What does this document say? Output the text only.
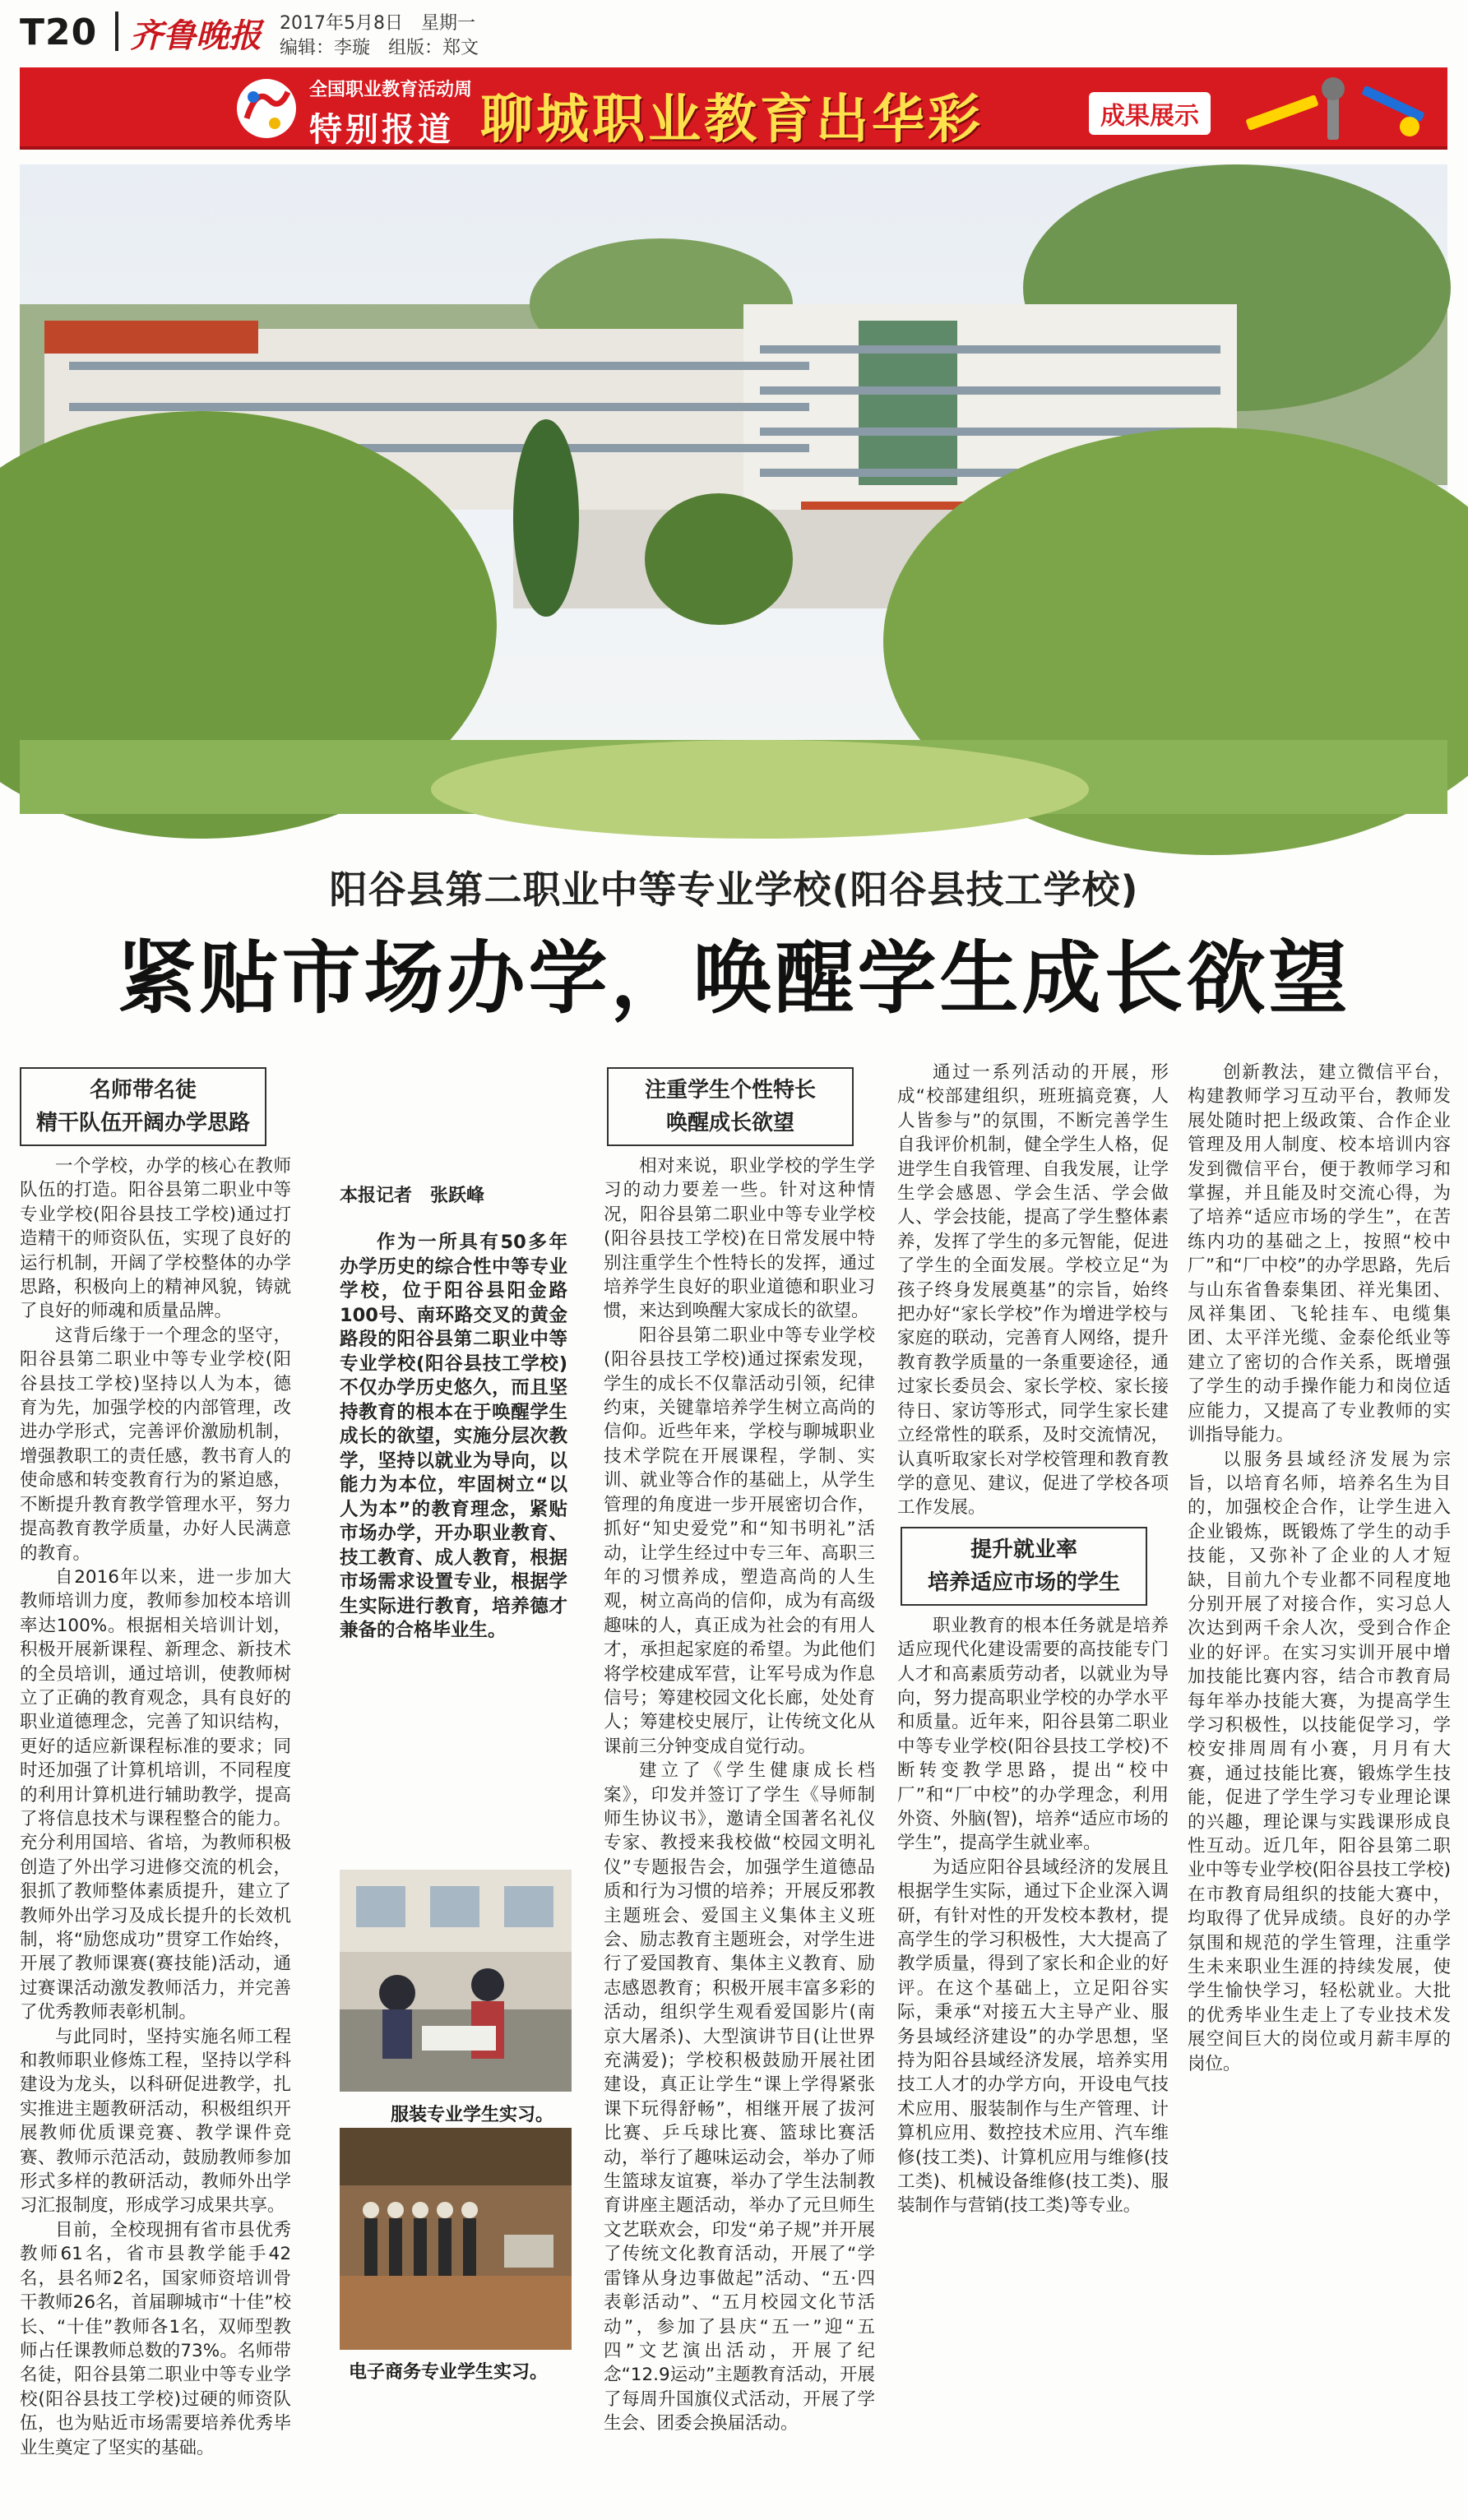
T20 齐鲁晚报 2017年5月8日　星期一
编辑：李璇　组版：郑文
全国职业教育活动周
特别报道 聊城职业教育出华彩	成果展示
阳谷县第二职业中等专业学校(阳谷县技工学校)
紧贴市场办学，唤醒学生成长欲望
名师带名徒
精干队伍开阔办学思路

一个学校，办学的核心在教师队伍的打造。阳谷县第二职业中等专业学校(阳谷县技工学校)通过打造精干的师资队伍，实现了良好的运行机制，开阔了学校整体的办学思路，积极向上的精神风貌，铸就了良好的师魂和质量品牌。

这背后缘于一个理念的坚守，阳谷县第二职业中等专业学校(阳谷县技工学校)坚持以人为本，德育为先，加强学校的内部管理，改进办学形式，完善评价激励机制，增强教职工的责任感，教书育人的使命感和转变教育行为的紧迫感，不断提升教育教学管理水平，努力提高教育教学质量，办好人民满意的教育。

自2016年以来，进一步加大教师培训力度，教师参加校本培训率达100%。根据相关培训计划，积极开展新课程、新理念、新技术的全员培训，通过培训，使教师树立了正确的教育观念，具有良好的职业道德理念，完善了知识结构，更好的适应新课程标准的要求；同时还加强了计算机培训，不同程度的利用计算机进行辅助教学，提高了将信息技术与课程整合的能力。充分利用国培、省培，为教师积极创造了外出学习进修交流的机会，狠抓了教师整体素质提升，建立了教师外出学习及成长提升的长效机制，将“励您成功”贯穿工作始终，开展了教师课赛(赛技能)活动，通过赛课活动激发教师活力，并完善了优秀教师表彰机制。

与此同时，坚持实施名师工程和教师职业修炼工程，坚持以学科建设为龙头，以科研促进教学，扎实推进主题教研活动，积极组织开展教师优质课竞赛、教学课件竞赛、教师示范活动，鼓励教师参加形式多样的教研活动，教师外出学习汇报制度，形成学习成果共享。

目前，全校现拥有省市县优秀教师61名，省市县教学能手42名，县名师2名，国家师资培训骨干教师26名，首届聊城市“十佳”校长、“十佳”教师各1名，双师型教师占任课教师总数的73%。名师带名徒，阳谷县第二职业中等专业学校(阳谷县技工学校)过硬的师资队伍，也为贴近市场需要培养优秀毕业生奠定了坚实的基础。

本报记者　张跃峰
作为一所具有50多年办学历史的综合性中等专业学校，位于阳谷县阳金路100号、南环路交叉的黄金路段的阳谷县第二职业中等专业学校(阳谷县技工学校)不仅办学历史悠久，而且坚持教育的根本在于唤醒学生成长的欲望，实施分层次教学，坚持以就业为导向，以能力为本位，牢固树立“以人为本”的教育理念，紧贴市场办学，开办职业教育、技工教育、成人教育，根据市场需求设置专业，根据学生实际进行教育，培养德才兼备的合格毕业生。
服装专业学生实习。
电子商务专业学生实习。
注重学生个性特长
唤醒成长欲望

相对来说，职业学校的学生学习的动力要差一些。针对这种情况，阳谷县第二职业中等专业学校(阳谷县技工学校)在日常发展中特别注重学生个性特长的发挥，通过培养学生良好的职业道德和职业习惯，来达到唤醒大家成长的欲望。

阳谷县第二职业中等专业学校(阳谷县技工学校)通过探索发现，学生的成长不仅靠活动引领，纪律约束，关键靠培养学生树立高尚的信仰。近些年来，学校与聊城职业技术学院在开展课程，学制、实训、就业等合作的基础上，从学生管理的角度进一步开展密切合作，抓好“知史爱党”和“知书明礼”活动，让学生经过中专三年、高职三年的习惯养成，塑造高尚的人生观，树立高尚的信仰，成为有高级趣味的人，真正成为社会的有用人才，承担起家庭的希望。为此他们将学校建成军营，让军号成为作息信号；筹建校园文化长廊，处处育人；筹建校史展厅，让传统文化从课前三分钟变成自觉行动。

建立了《学生健康成长档案》，印发并签订了学生《导师制师生协议书》，邀请全国著名礼仪专家、教授来我校做“校园文明礼仪”专题报告会，加强学生道德品质和行为习惯的培养；开展反邪教主题班会、爱国主义集体主义班会、励志教育主题班会，对学生进行了爱国教育、集体主义教育、励志感恩教育；积极开展丰富多彩的活动，组织学生观看爱国影片(南京大屠杀)、大型演讲节目(让世界充满爱)；学校积极鼓励开展社团建设，真正让学生“课上学得紧张　课下玩得舒畅”，相继开展了拔河比赛、乒乓球比赛、篮球比赛活动，举行了趣味运动会，举办了师生篮球友谊赛，举办了学生法制教育讲座主题活动，举办了元旦师生文艺联欢会，印发“弟子规”并开展了传统文化教育活动，开展了“学雷锋从身边事做起”活动、“五·四表彰活动”、“五月校园文化节活动”，参加了县庆“五一”迎“五四”文艺演出活动，开展了纪念“12.9运动”主题教育活动，开展了每周升国旗仪式活动，开展了学生会、团委会换届活动。

通过一系列活动的开展，形成“校部建组织，班班搞竞赛，人人皆参与”的氛围，不断完善学生自我评价机制，健全学生人格，促进学生自我管理、自我发展，让学生学会感恩、学会生活、学会做人、学会技能，提高了学生整体素养，发挥了学生的多元智能，促进了学生的全面发展。学校立足“为孩子终身发展奠基”的宗旨，始终把办好“家长学校”作为增进学校与家庭的联动，完善育人网络，提升教育教学质量的一条重要途径，通过家长委员会、家长学校、家长接待日、家访等形式，同学生家长建立经常性的联系，及时交流情况，认真听取家长对学校管理和教育教学的意见、建议，促进了学校各项工作发展。

提升就业率
培养适应市场的学生

职业教育的根本任务就是培养适应现代化建设需要的高技能专门人才和高素质劳动者，以就业为导向，努力提高职业学校的办学水平和质量。近年来，阳谷县第二职业中等专业学校(阳谷县技工学校)不断转变教学思路，提出“校中厂”和“厂中校”的办学理念，利用外资、外脑(智)，培养“适应市场的学生”，提高学生就业率。

为适应阳谷县域经济的发展且根据学生实际，通过下企业深入调研，有针对性的开发校本教材，提高学生的学习积极性，大大提高了教学质量，得到了家长和企业的好评。在这个基础上，立足阳谷实际，秉承“对接五大主导产业、服务县域经济建设”的办学思想，坚持为阳谷县域经济发展，培养实用技工人才的办学方向，开设电气技术应用、服装制作与生产管理、计算机应用、数控技术应用、汽车维修(技工类)、计算机应用与维修(技工类)、机械设备维修(技工类)、服装制作与营销(技工类)等专业。

创新教法，建立微信平台，构建教师学习互动平台，教师发展处随时把上级政策、合作企业管理及用人制度、校本培训内容发到微信平台，便于教师学习和掌握，并且能及时交流心得，为了培养“适应市场的学生”，在苦练内功的基础之上，按照“校中厂”和“厂中校”的办学思路，先后与山东省鲁泰集团、祥光集团、凤祥集团、飞轮挂车、电缆集团、太平洋光缆、金泰伦纸业等建立了密切的合作关系，既增强了学生的动手操作能力和岗位适应能力，又提高了专业教师的实训指导能力。

以服务县域经济发展为宗旨，以培育名师，培养名生为目的，加强校企合作，让学生进入企业锻炼，既锻炼了学生的动手技能，又弥补了企业的人才短缺，目前九个专业都不同程度地分别开展了对接合作，实习总人次达到两千余人次，受到合作企业的好评。在实习实训开展中增加技能比赛内容，结合市教育局每年举办技能大赛，为提高学生学习积极性，以技能促学习，学校安排周周有小赛，月月有大赛，通过技能比赛，锻炼学生技能，促进了学生学习专业理论课的兴趣，理论课与实践课形成良性互动。近几年，阳谷县第二职业中等专业学校(阳谷县技工学校)在市教育局组织的技能大赛中，均取得了优异成绩。良好的办学氛围和规范的学生管理，注重学生未来职业生涯的持续发展，使学生愉快学习，轻松就业。大批的优秀毕业生走上了专业技术发展空间巨大的岗位或月薪丰厚的岗位。
